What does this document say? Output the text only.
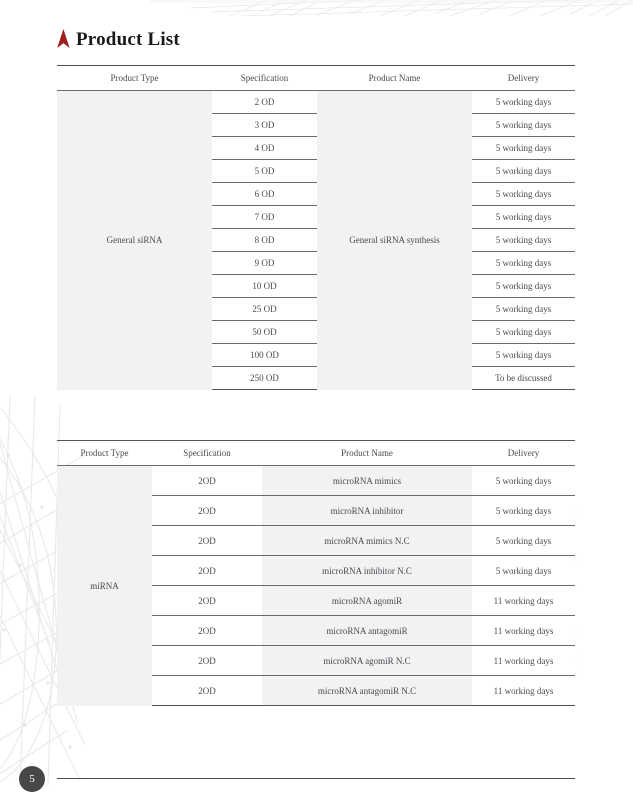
Product List
Product Type	Specification	Product Name	Delivery
General siRNA	2 OD	General siRNA synthesis	5 working days
	3 OD		5 working days
	4 OD		5 working days
	5 OD		5 working days
	6 OD		5 working days
	7 OD		5 working days
	8 OD		5 working days
	9 OD		5 working days
	10 OD		5 working days
	25 OD		5 working days
	50 OD		5 working days
	100 OD		5 working days
	250 OD		To be discussed
Product Type	Specification	Product Name	Delivery
miRNA	2OD	microRNA mimics	5 working days
	2OD	microRNA inhibitor	5 working days
	2OD	microRNA mimics N.C	5 working days
	2OD	microRNA inhibitor N.C	5 working days
	2OD	microRNA agomiR	11 working days
	2OD	microRNA antagomiR	11 working days
	2OD	microRNA agomiR N.C	11 working days
	2OD	microRNA antagomiR N.C	11 working days
5
